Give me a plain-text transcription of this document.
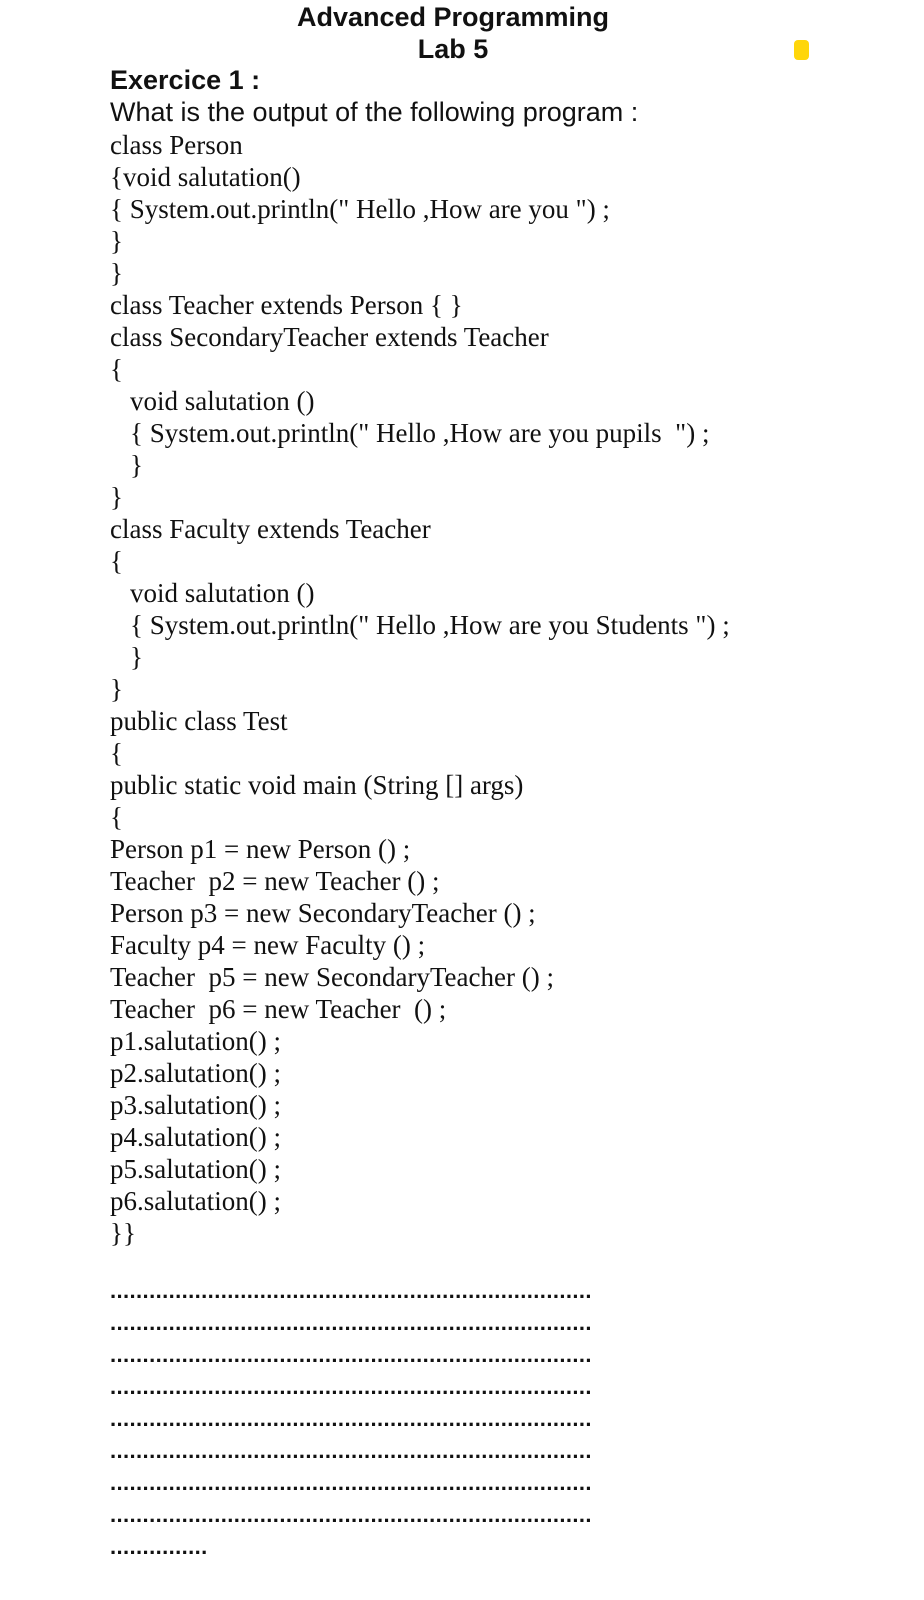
Advanced Programming
Lab 5
Exercice 1 :
What is the output of the following program :
class Person
{void salutation()
{ System.out.println(" Hello ,How are you ") ;
}
}
class Teacher extends Person { }
class SecondaryTeacher extends Teacher
{
void salutation ()
{ System.out.println(" Hello ,How are you pupils  ") ;
}
}
class Faculty extends Teacher
{
void salutation ()
{ System.out.println(" Hello ,How are you Students ") ;
}
}
public class Test
{
public static void main (String [] args)
{
Person p1 = new Person () ;
Teacher  p2 = new Teacher () ;
Person p3 = new SecondaryTeacher () ;
Faculty p4 = new Faculty () ;
Teacher  p5 = new SecondaryTeacher () ;
Teacher  p6 = new Teacher  () ;
p1.salutation() ;
p2.salutation() ;
p3.salutation() ;
p4.salutation() ;
p5.salutation() ;
p6.salutation() ;
}}
..........................................................................
..........................................................................
..........................................................................
..........................................................................
..........................................................................
..........................................................................
..........................................................................
..........................................................................
...............
